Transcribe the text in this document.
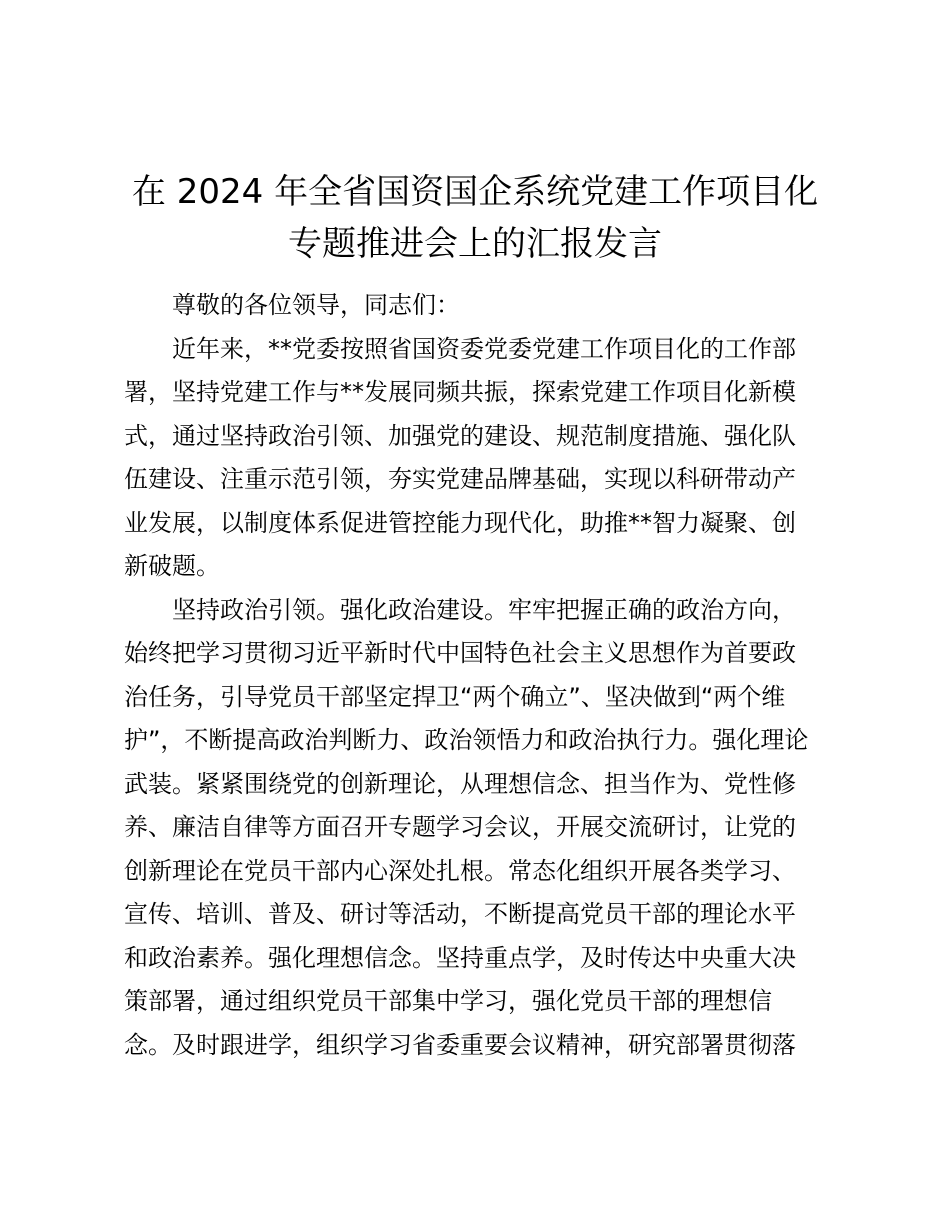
在 2024 年全省国资国企系统党建工作项目化
专题推进会上的汇报发言

尊敬的各位领导，同志们：

近年来，**党委按照省国资委党委党建工作项目化的工作部

署，坚持党建工作与**发展同频共振，探索党建工作项目化新模

式，通过坚持政治引领、加强党的建设、规范制度措施、强化队

伍建设、注重示范引领，夯实党建品牌基础，实现以科研带动产

业发展，以制度体系促进管控能力现代化，助推**智力凝聚、创

新破题。

坚持政治引领。强化政治建设。牢牢把握正确的政治方向，

始终把学习贯彻习近平新时代中国特色社会主义思想作为首要政

治任务，引导党员干部坚定捍卫“两个确立”、坚决做到“两个维

护”，不断提高政治判断力、政治领悟力和政治执行力。强化理论

武装。紧紧围绕党的创新理论，从理想信念、担当作为、党性修

养、廉洁自律等方面召开专题学习会议，开展交流研讨，让党的

创新理论在党员干部内心深处扎根。常态化组织开展各类学习、

宣传、培训、普及、研讨等活动，不断提高党员干部的理论水平

和政治素养。强化理想信念。坚持重点学，及时传达中央重大决

策部署，通过组织党员干部集中学习，强化党员干部的理想信

念。及时跟进学，组织学习省委重要会议精神，研究部署贯彻落
